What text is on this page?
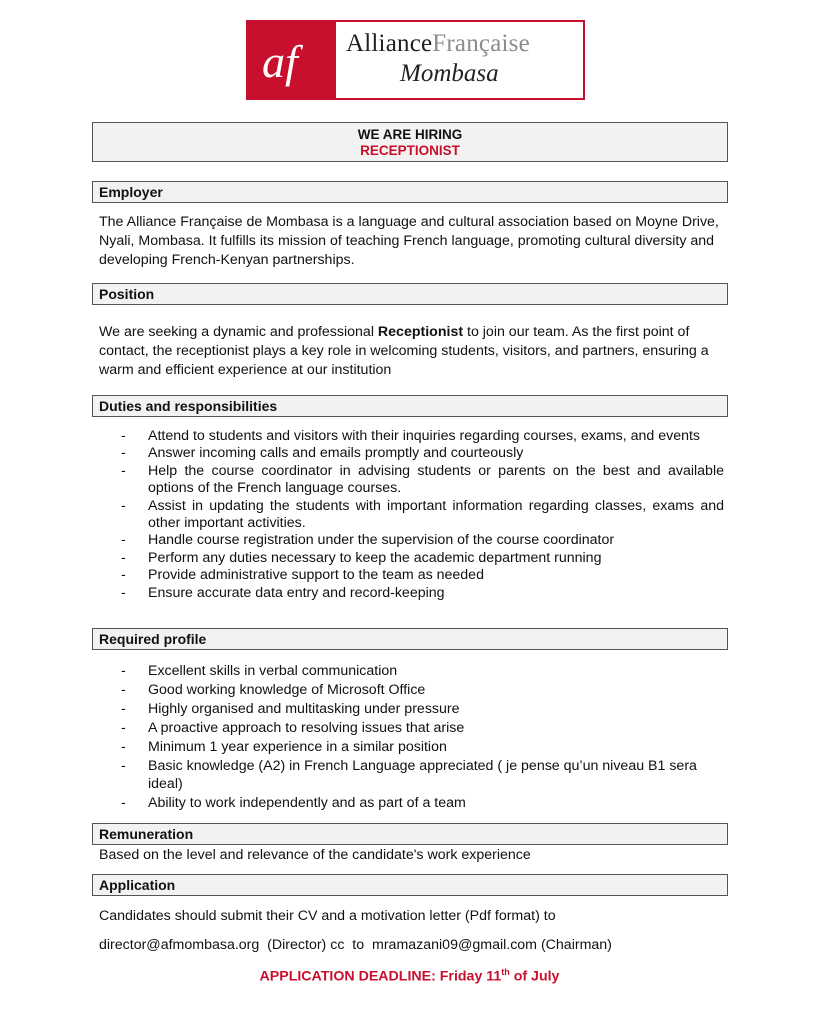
af AllianceFrançaise
Mombasa
WE ARE HIRING
RECEPTIONIST
Employer

The Alliance Française de Mombasa is a language and cultural association based on Moyne Drive, Nyali, Mombasa. It fulfills its mission of teaching French language, promoting cultural diversity and developing French-Kenyan partnerships.

Position

We are seeking a dynamic and professional Receptionist to join our team. As the first point of contact, the receptionist plays a key role in welcoming students, visitors, and partners, ensuring a warm and efficient experience at our institution

Duties and responsibilities
- Attend to students and visitors with their inquiries regarding courses, exams, and events
- Answer incoming calls and emails promptly and courteously
- Help the course coordinator in advising students or parents on the best and available options of the French language courses.
- Assist in updating the students with important information regarding classes, exams and other important activities.
- Handle course registration under the supervision of the course coordinator
- Perform any duties necessary to keep the academic department running
- Provide administrative support to the team as needed
- Ensure accurate data entry and record-keeping
Required profile
- Excellent skills in verbal communication
- Good working knowledge of Microsoft Office
- Highly organised and multitasking under pressure
- A proactive approach to resolving issues that arise
- Minimum 1 year experience in a similar position
- Basic knowledge (A2) in French Language appreciated ( je pense qu’un niveau B1 sera ideal)
- Ability to work independently and as part of a team
Remuneration
Based on the level and relevance of the candidate's work experience
Application
Candidates should submit their CV and a motivation letter (Pdf format) to
director@afmombasa.org  (Director) cc  to  mramazani09@gmail.com (Chairman)
APPLICATION DEADLINE: Friday 11th of July
